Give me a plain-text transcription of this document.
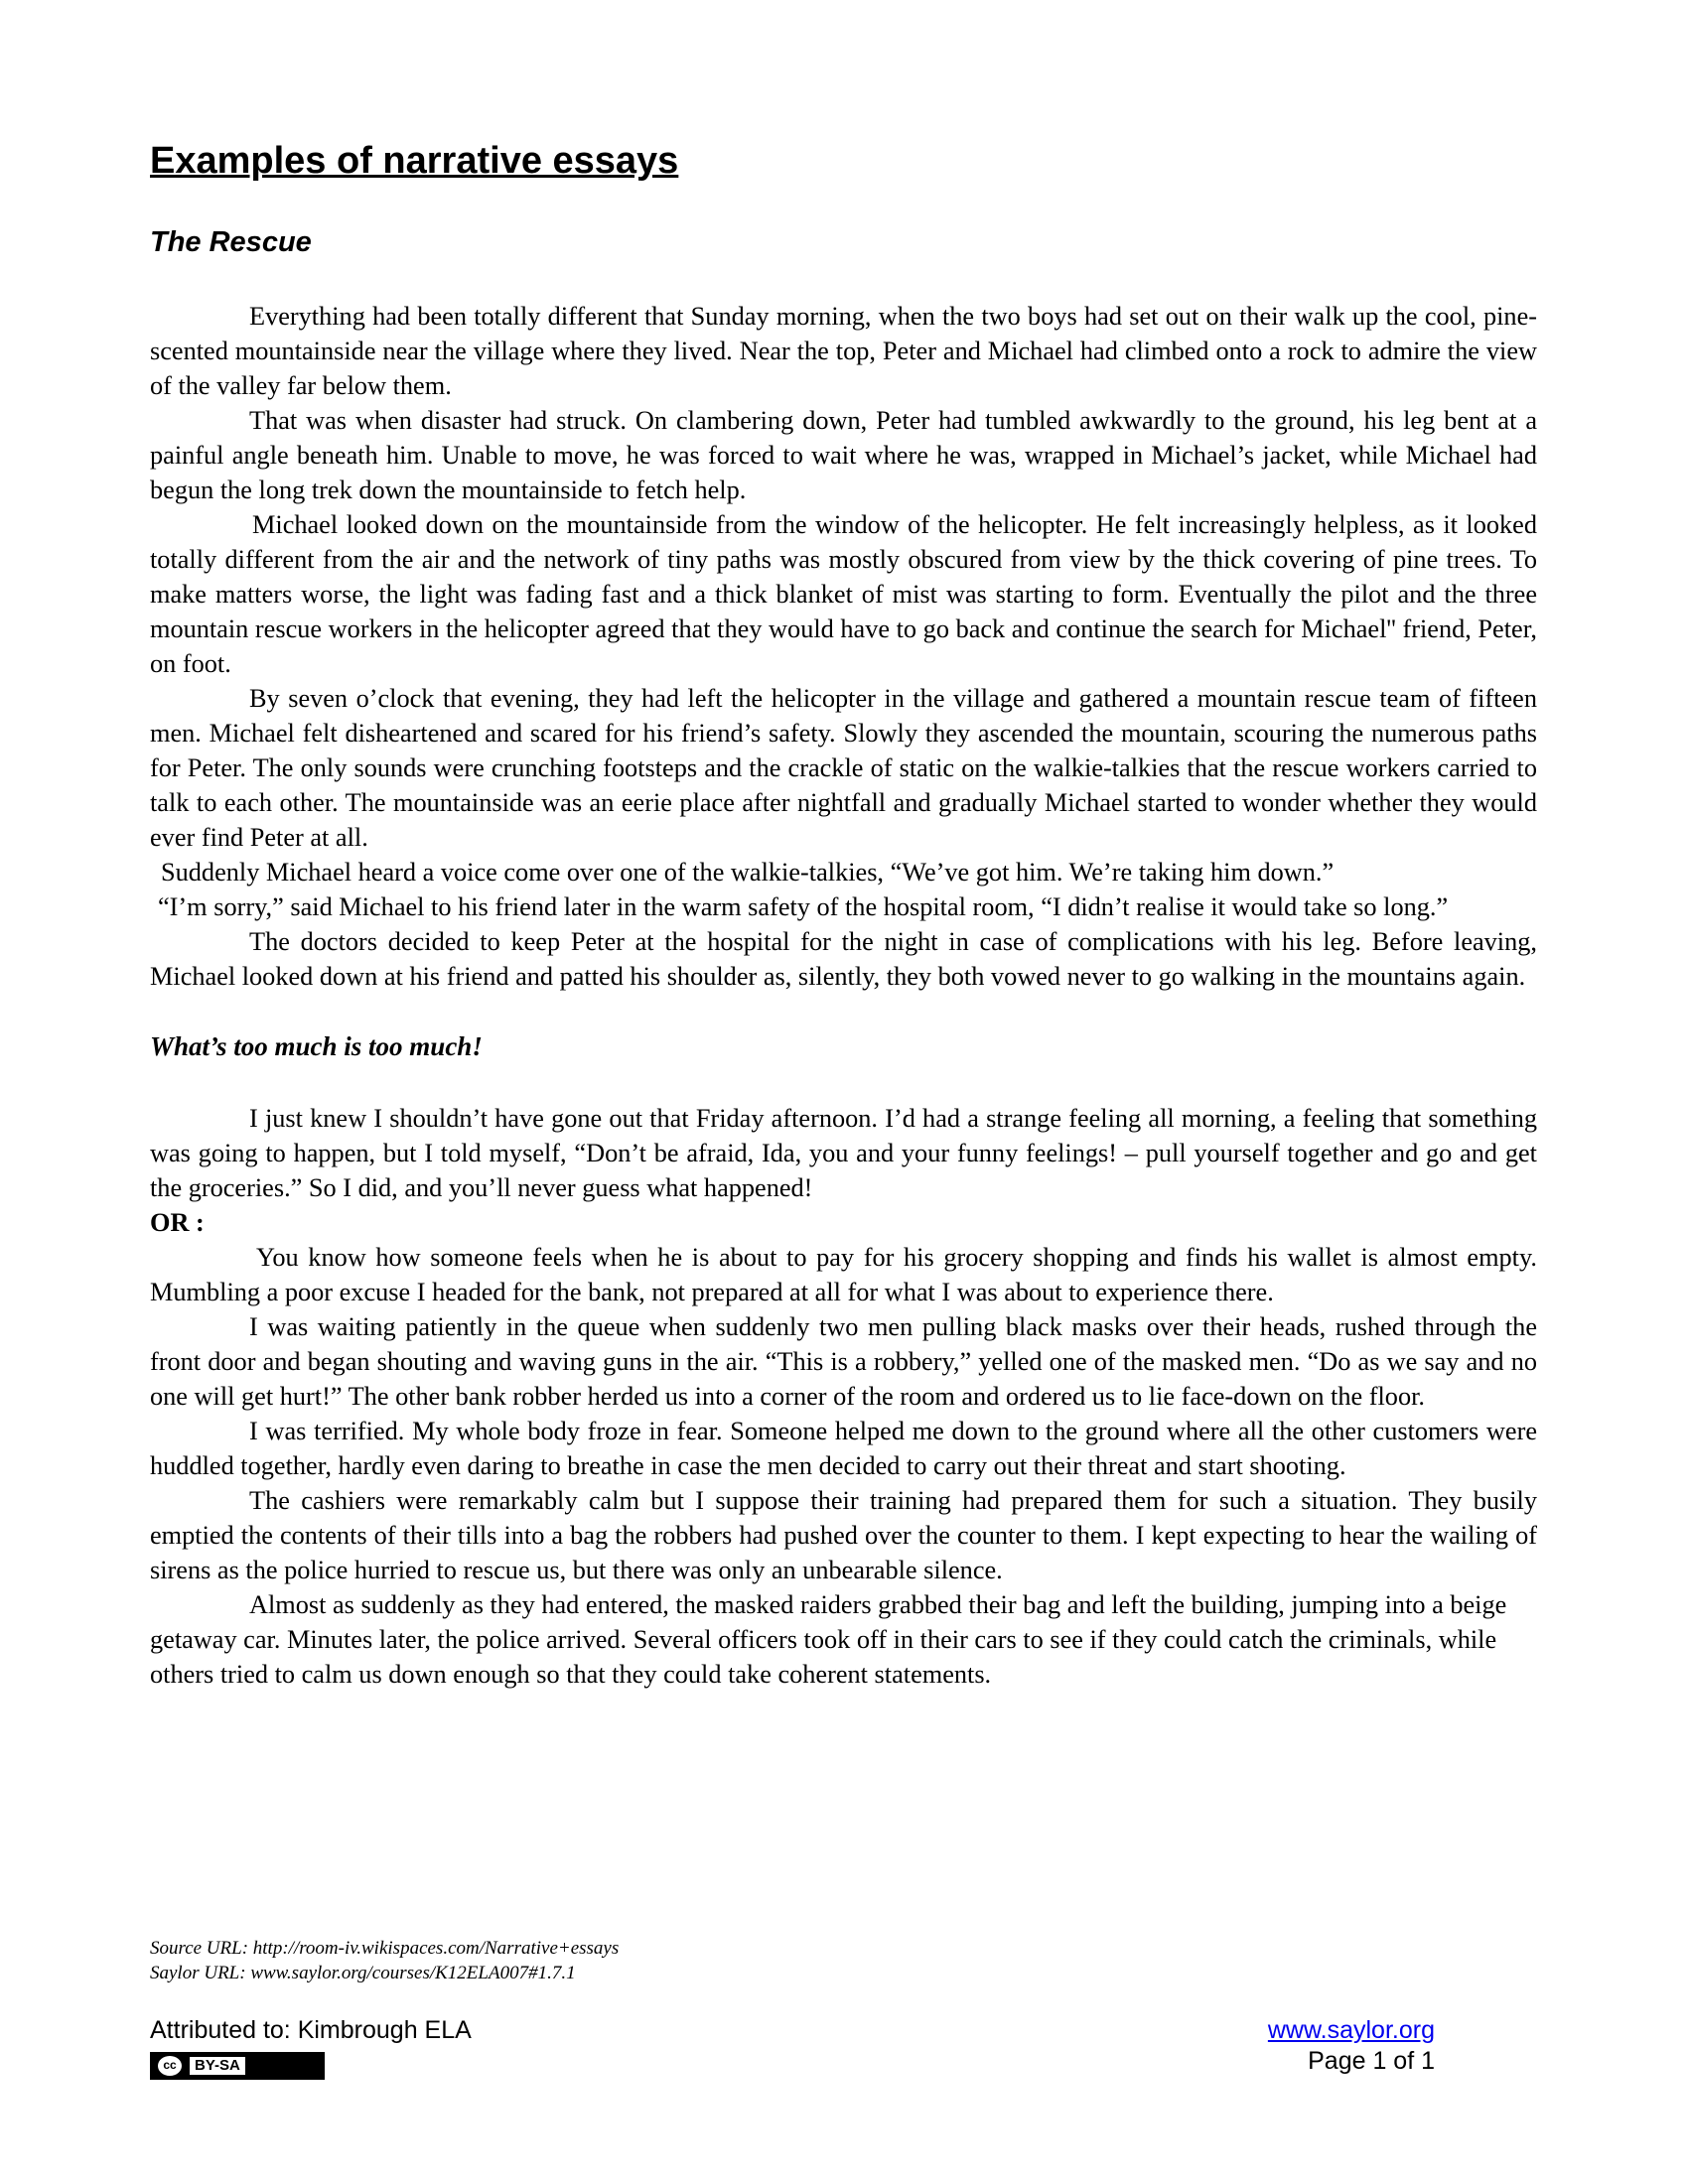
Examples of narrative essays
The Rescue

Everything had been totally different that Sunday morning, when the two boys had set out on their walk up the cool, pine-scented mountainside near the village where they lived. Near the top, Peter and Michael had climbed onto a rock to admire the view of the valley far below them.

That was when disaster had struck. On clambering down, Peter had tumbled awkwardly to the ground, his leg bent at a painful angle beneath him. Unable to move, he was forced to wait where he was, wrapped in Michael’s jacket, while Michael had begun the long trek down the mountainside to fetch help.

Michael looked down on the mountainside from the window of the helicopter. He felt increasingly helpless, as it looked totally different from the air and the network of tiny paths was mostly obscured from view by the thick covering of pine trees. To make matters worse, the light was fading fast and a thick blanket of mist was starting to form. Eventually the pilot and the three mountain rescue workers in the helicopter agreed that they would have to go back and continue the search for Michael'' friend, Peter, on foot.

By seven o’clock that evening, they had left the helicopter in the village and gathered a mountain rescue team of fifteen men. Michael felt disheartened and scared for his friend’s safety. Slowly they ascended the mountain, scouring the numerous paths for Peter. The only sounds were crunching footsteps and the crackle of static on the walkie-talkies that the rescue workers carried to talk to each other. The mountainside was an eerie place after nightfall and gradually Michael started to wonder whether they would ever find Peter at all.

Suddenly Michael heard a voice come over one of the walkie-talkies, “We’ve got him. We’re taking him down.”

“I’m sorry,” said Michael to his friend later in the warm safety of the hospital room, “I didn’t realise it would take so long.”

The doctors decided to keep Peter at the hospital for the night in case of complications with his leg. Before leaving, Michael looked down at his friend and patted his shoulder as, silently, they both vowed never to go walking in the mountains again.

What’s too much is too much!

I just knew I shouldn’t have gone out that Friday afternoon. I’d had a strange feeling all morning, a feeling that something was going to happen, but I told myself, “Don’t be afraid, Ida, you and your funny feelings! – pull yourself together and go and get the groceries.” So I did, and you’ll never guess what happened!

OR :

You know how someone feels when he is about to pay for his grocery shopping and finds his wallet is almost empty. Mumbling a poor excuse I headed for the bank, not prepared at all for what I was about to experience there.

I was waiting patiently in the queue when suddenly two men pulling black masks over their heads, rushed through the front door and began shouting and waving guns in the air. “This is a robbery,” yelled one of the masked men. “Do as we say and no one will get hurt!” The other bank robber herded us into a corner of the room and ordered us to lie face-down on the floor.

I was terrified. My whole body froze in fear. Someone helped me down to the ground where all the other customers were huddled together, hardly even daring to breathe in case the men decided to carry out their threat and start shooting.

The cashiers were remarkably calm but I suppose their training had prepared them for such a situation. They busily emptied the contents of their tills into a bag the robbers had pushed over the counter to them. I kept expecting to hear the wailing of sirens as the police hurried to rescue us, but there was only an unbearable silence.

Almost as suddenly as they had entered, the masked raiders grabbed their bag and left the building, jumping into a beige getaway car. Minutes later, the police arrived. Several officers took off in their cars to see if they could catch the criminals, while others tried to calm us down enough so that they could take coherent statements.

Source URL: http://room-iv.wikispaces.com/Narrative+essays
Saylor URL: www.saylor.org/courses/K12ELA007#1.7.1
Attributed to: Kimbrough ELA
cc	BY-SA
www.saylor.org
Page 1 of 1
